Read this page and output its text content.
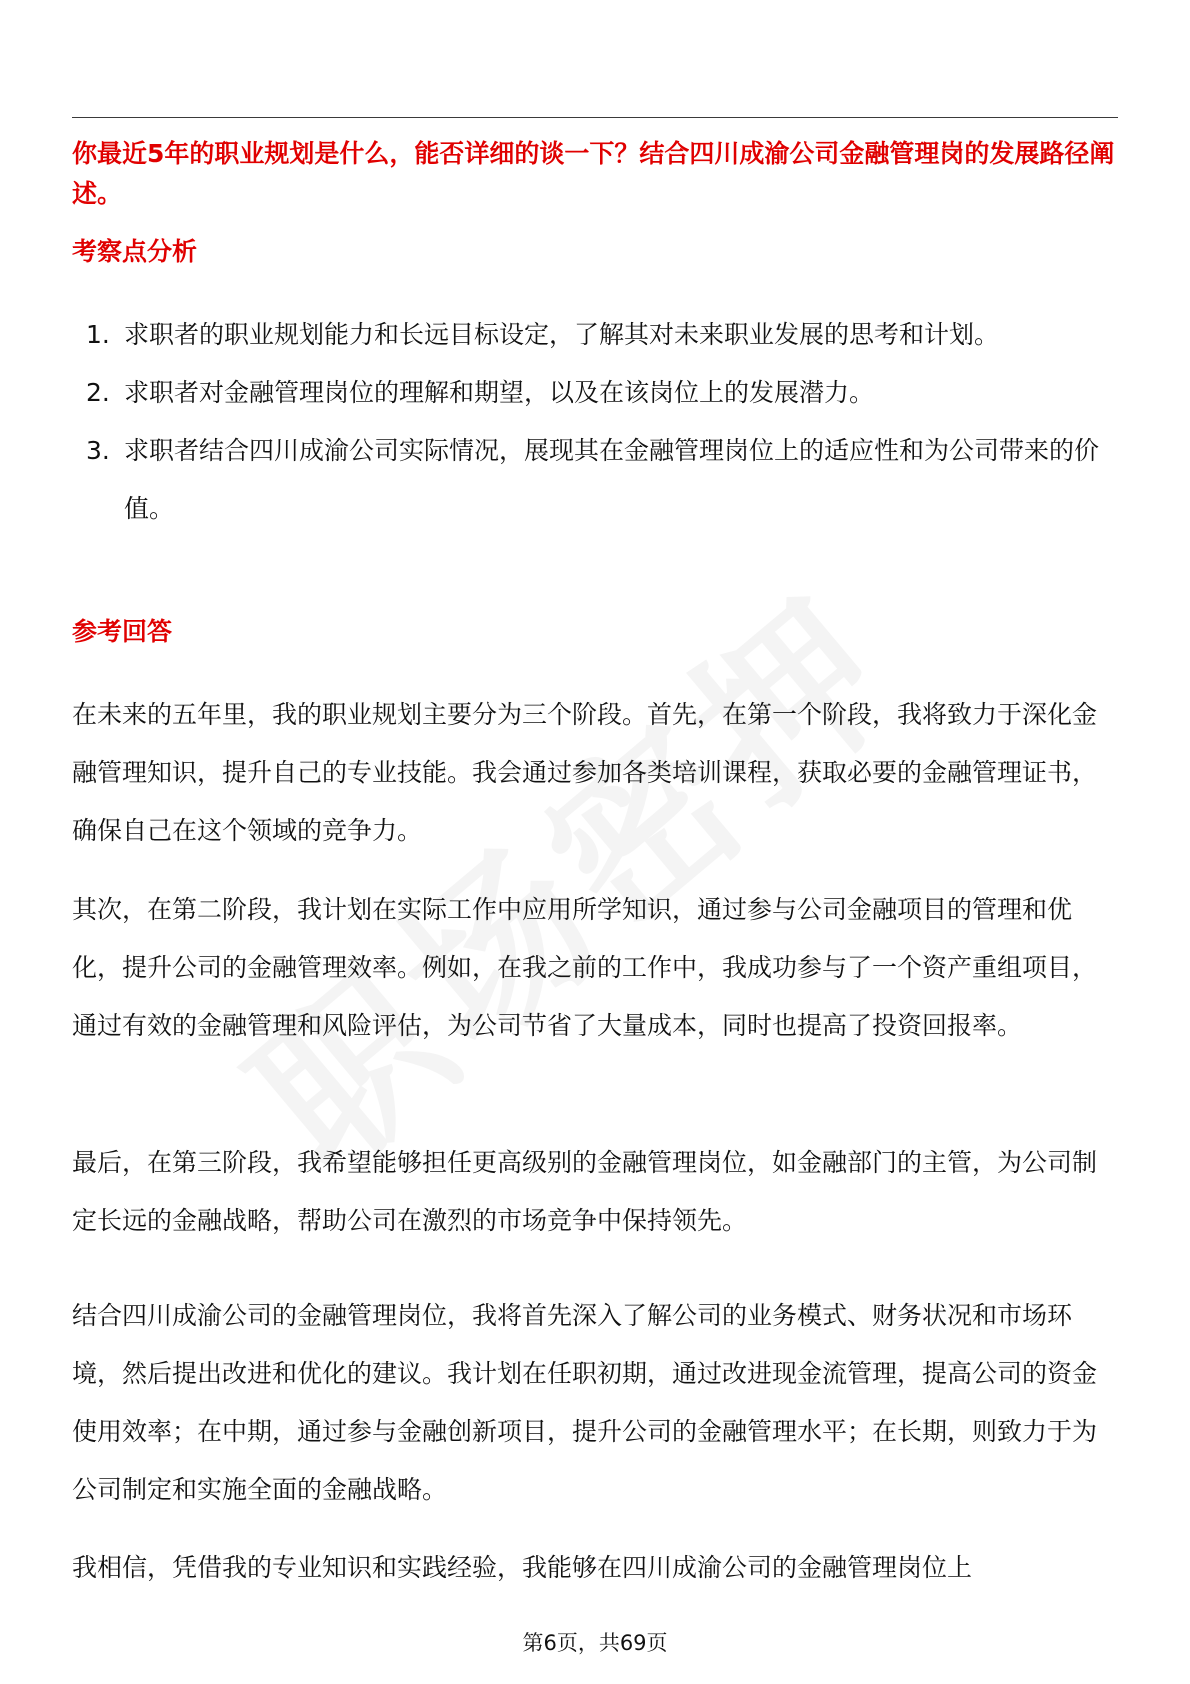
你最近5年的职业规划是什么，能否详细的谈一下？结合四川成渝公司金融管理岗的发展路径阐述。

考察点分析

1. 求职者的职业规划能力和长远目标设定，了解其对未来职业发展的思考和计划。
2. 求职者对金融管理岗位的理解和期望，以及在该岗位上的发展潜力。
3. 求职者结合四川成渝公司实际情况，展现其在金融管理岗位上的适应性和为公司带来的价值。

参考回答

在未来的五年里，我的职业规划主要分为三个阶段。首先，在第一个阶段，我将致力于深化金融管理知识，提升自己的专业技能。我会通过参加各类培训课程，获取必要的金融管理证书，确保自己在这个领域的竞争力。

其次，在第二阶段，我计划在实际工作中应用所学知识，通过参与公司金融项目的管理和优化，提升公司的金融管理效率。例如，在我之前的工作中，我成功参与了一个资产重组项目，通过有效的金融管理和风险评估，为公司节省了大量成本，同时也提高了投资回报率。

最后，在第三阶段，我希望能够担任更高级别的金融管理岗位，如金融部门的主管，为公司制定长远的金融战略，帮助公司在激烈的市场竞争中保持领先。

结合四川成渝公司的金融管理岗位，我将首先深入了解公司的业务模式、财务状况和市场环境，然后提出改进和优化的建议。我计划在任职初期，通过改进现金流管理，提高公司的资金使用效率；在中期，通过参与金融创新项目，提升公司的金融管理水平；在长期，则致力于为公司制定和实施全面的金融战略。

我相信，凭借我的专业知识和实践经验，我能够在四川成渝公司的金融管理岗位上

第6页，共69页
